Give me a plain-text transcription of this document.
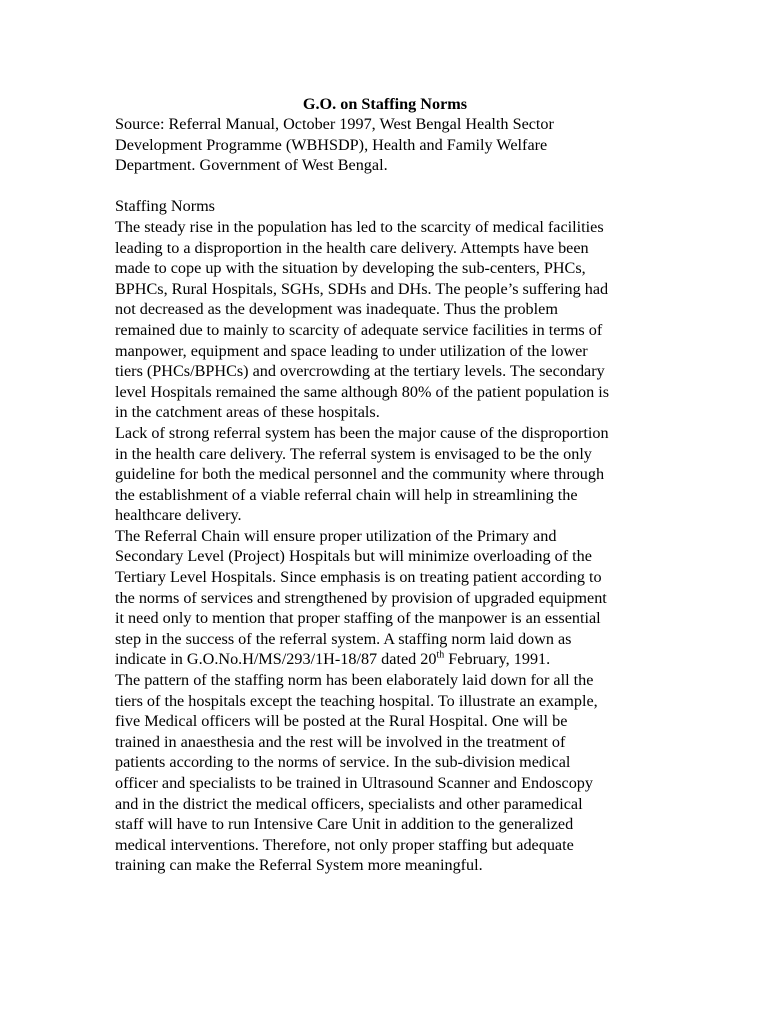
G.O. on Staffing Norms

Source: Referral Manual, October 1997, West Bengal Health Sector

Development Programme (WBHSDP), Health and Family Welfare

Department. Government of West Bengal.

Staffing Norms

The steady rise in the population has led to the scarcity of medical facilities

leading to a disproportion in the health care delivery. Attempts have been

made to cope up with the situation by developing the sub-centers, PHCs,

BPHCs, Rural Hospitals, SGHs, SDHs and DHs. The people’s suffering had

not decreased as the development was inadequate. Thus the problem

remained due to mainly to scarcity of adequate service facilities in terms of

manpower, equipment and space leading to under utilization of the lower

tiers (PHCs/BPHCs) and overcrowding at the tertiary levels. The secondary

level Hospitals remained the same although 80% of the patient population is

in the catchment areas of these hospitals.

Lack of strong referral system has been the major cause of the disproportion

in the health care delivery. The referral system is envisaged to be the only

guideline for both the medical personnel and the community where through

the establishment of a viable referral chain will help in streamlining the

healthcare delivery.

The Referral Chain will ensure proper utilization of the Primary and

Secondary Level (Project) Hospitals but will minimize overloading of the

Tertiary Level Hospitals. Since emphasis is on treating patient according to

the norms of services and strengthened by provision of upgraded equipment

it need only to mention that proper staffing of the manpower is an essential

step in the success of the referral system. A staffing norm laid down as

indicate in G.O.No.H/MS/293/1H-18/87 dated 20th February, 1991.

The pattern of the staffing norm has been elaborately laid down for all the

tiers of the hospitals except the teaching hospital. To illustrate an example,

five Medical officers will be posted at the Rural Hospital. One will be

trained in anaesthesia and the rest will be involved in the treatment of

patients according to the norms of service. In the sub-division medical

officer and specialists to be trained in Ultrasound Scanner and Endoscopy

and in the district the medical officers, specialists and other paramedical

staff will have to run Intensive Care Unit in addition to the generalized

medical interventions. Therefore, not only proper staffing but adequate

training can make the Referral System more meaningful.
